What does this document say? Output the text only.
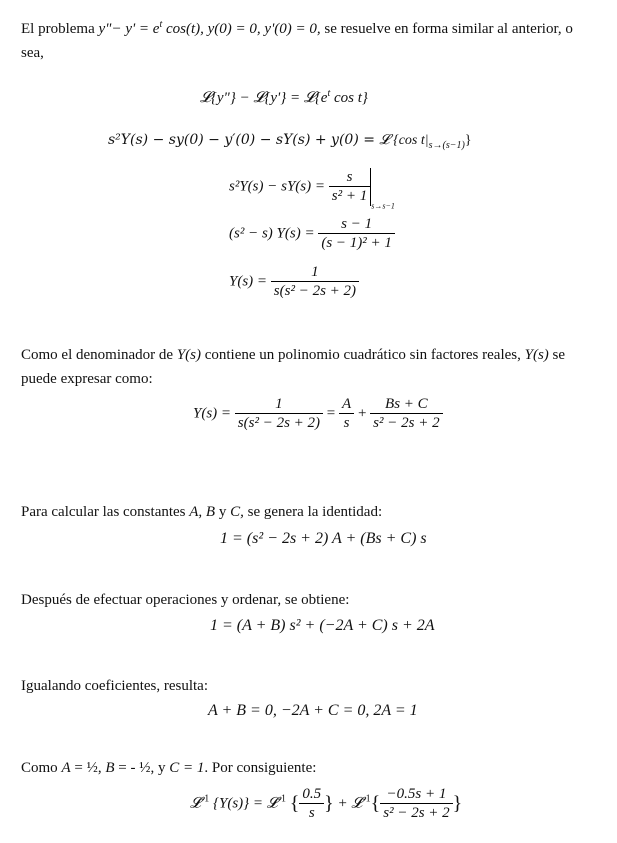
El problema y"− $y' = e^t$ cos(t), y(0) = 0, y'(0) = 0, se resuelve en forma similar al anterior, o sea,
𝓛{y"} − 𝓛{y'} = $𝓛\{e^t$ cos t}
s²Y(s) − sy(0) − y′(0) − sY(s) + y(0) = 𝓛 {cos $t|_{s\to(s-1)}$}
$s^2Y(s) - sY(s) = \frac{s}{\text{s² + 1}}$
$_{s\to s-1}$
(s² − s) $Y(s) = \frac{s - 1}{\text{(s − 1)² + 1}}$
$Y(s) = \frac{1}{\text{s(s² − 2s + 2)}}$
Como el denominador de Y(s) contiene un polinomio cuadrático sin factores reales, Y(s) se puede expresar como:
$Y(s) = \frac{1}{\text{s(s² − 2s + 2)}} = \frac{A}{s} + \frac{Bs + C}{\text{s² − 2s + 2}}$
Para calcular las constantes A, B y C, se genera la identidad:
1 = (s² − 2s + 2) A + (Bs + C) s
Después de efectuar operaciones y ordenar, se obtiene:
1 = (A + B) s² + (−2A + C) s + 2A
Igualando coeficientes, resulta:
A + B = 0, −2A + C = 0, 2A = 1
Como A = ½, B = - ½, y C = 1. Por consiguiente:
𝓛$^{-1}$ {Y(s)} = 𝓛$^{-1}$ { $\frac{0.5}{s}$ } + 𝓛$^{-1}${ $\frac{-0.5s + 1}{\text{s² − 2s + 2}}$ }
